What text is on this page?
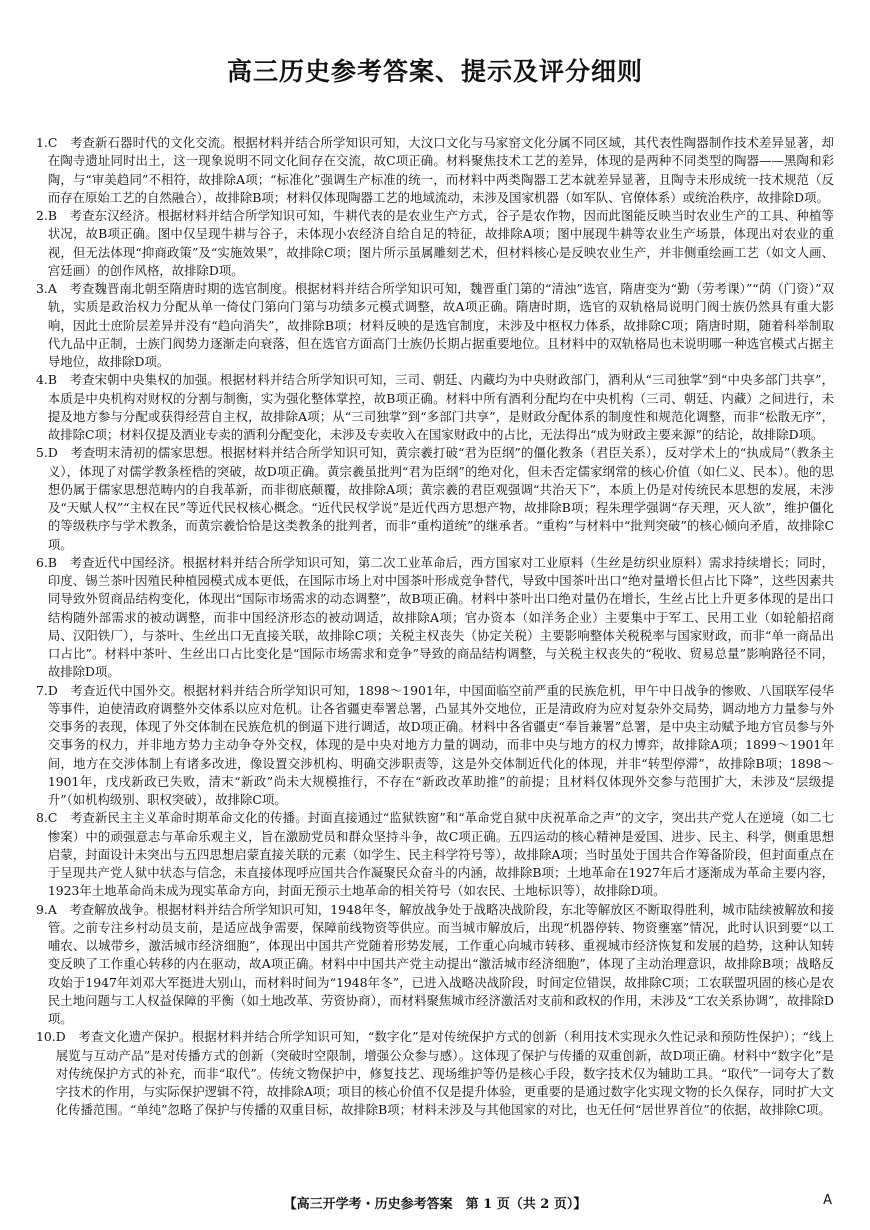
高三历史参考答案、提示及评分细则
1. C　考查新石器时代的文化交流。根据材料并结合所学知识可知，大汶口文化与马家窑文化分属不同区域，其代表性陶器制作技术差异显著，却在陶寺遗址同时出土，这一现象说明不同文化间存在交流，故C项正确。材料聚焦技术工艺的差异，体现的是两种不同类型的陶器——黑陶和彩陶，与“审美趋同”不相符，故排除A项；“标准化”强调生产标准的统一，而材料中两类陶器工艺本就差异显著，且陶寺未形成统一技术规范（反而存在原始工艺的自然融合），故排除B项；材料仅体现陶器工艺的地域流动，未涉及国家机器（如军队、官僚体系）或统治秩序，故排除D项。
2. B　考查东汉经济。根据材料并结合所学知识可知，牛耕代表的是农业生产方式，谷子是农作物，因而此图能反映当时农业生产的工具、种植等状况，故B项正确。图中仅呈现牛耕与谷子，未体现小农经济自给自足的特征，故排除A项；图中展现牛耕等农业生产场景，体现出对农业的重视，但无法体现“抑商政策”及“实施效果”，故排除C项；图片所示虽属雕刻艺术，但材料核心是反映农业生产，并非侧重绘画工艺（如文人画、宫廷画）的创作风格，故排除D项。
3. A　考查魏晋南北朝至隋唐时期的选官制度。根据材料并结合所学知识可知，魏晋重门第的“清浊”选官，隋唐变为“勤（劳考课）”“荫（门资）”双轨，实质是政治权力分配从单一倚仗门第向门第与功绩多元模式调整，故A项正确。隋唐时期，选官的双轨格局说明门阀士族仍然具有重大影响，因此士庶阶层差异并没有“趋向消失”，故排除B项；材料反映的是选官制度，未涉及中枢权力体系，故排除C项；隋唐时期，随着科举制取代九品中正制，士族门阀势力逐渐走向衰落，但在选官方面高门士族仍长期占据重要地位。且材料中的双轨格局也未说明哪一种选官模式占据主导地位，故排除D项。
4. B　考查宋朝中央集权的加强。根据材料并结合所学知识可知，三司、朝廷、内藏均为中央财政部门，酒利从“三司独掌”到“中央多部门共享”，本质是中央机构对财权的分割与制衡，实为强化整体掌控，故B项正确。材料中所有酒利分配均在中央机构（三司、朝廷、内藏）之间进行，未提及地方参与分配或获得经营自主权，故排除A项；从“三司独掌”到“多部门共享”，是财政分配体系的制度性和规范化调整，而非“松散无序”，故排除C项；材料仅提及酒业专卖的酒利分配变化，未涉及专卖收入在国家财政中的占比，无法得出“成为财政主要来源”的结论，故排除D项。
5. D　考查明末清初的儒家思想。根据材料并结合所学知识可知，黄宗羲打破“君为臣纲”的僵化教条（君臣关系），反对学术上的“执成局”（教条主义），体现了对儒学教条桎梏的突破，故D项正确。黄宗羲虽批判“君为臣纲”的绝对化，但未否定儒家纲常的核心价值（如仁义、民本）。他的思想仍属于儒家思想范畴内的自我革新，而非彻底颠覆，故排除A项；黄宗羲的君臣观强调“共治天下”，本质上仍是对传统民本思想的发展，未涉及“天赋人权”“主权在民”等近代民权核心概念。“近代民权学说”是近代西方思想产物，故排除B项；程朱理学强调“存天理，灭人欲”，维护僵化的等级秩序与学术教条，而黄宗羲恰恰是这类教条的批判者，而非“重构道统”的继承者。“重构”与材料中“批判突破”的核心倾向矛盾，故排除C项。
6. B　考查近代中国经济。根据材料并结合所学知识可知，第二次工业革命后，西方国家对工业原料（生丝是纺织业原料）需求持续增长；同时，印度、锡兰茶叶因殖民种植园模式成本更低，在国际市场上对中国茶叶形成竞争替代，导致中国茶叶出口“绝对量增长但占比下降”，这些因素共同导致外贸商品结构变化，体现出“国际市场需求的动态调整”，故B项正确。材料中茶叶出口绝对量仍在增长，生丝占比上升更多体现的是出口结构随外部需求的被动调整，而非中国经济形态的被动调适，故排除A项；官办资本（如洋务企业）主要集中于军工、民用工业（如轮船招商局、汉阳铁厂），与茶叶、生丝出口无直接关联，故排除C项；关税主权丧失（协定关税）主要影响整体关税税率与国家财政，而非“单一商品出口占比”。材料中茶叶、生丝出口占比变化是“国际市场需求和竞争”导致的商品结构调整，与关税主权丧失的“税收、贸易总量”影响路径不同，故排除D项。
7. D　考查近代中国外交。根据材料并结合所学知识可知，1898～1901年，中国面临空前严重的民族危机，甲午中日战争的惨败、八国联军侵华等事件，迫使清政府调整外交体系以应对危机。让各省疆吏奉署总署，凸显其外交地位，正是清政府为应对复杂外交局势，调动地方力量参与外交事务的表现，体现了外交体制在民族危机的倒逼下进行调适，故D项正确。材料中各省疆吏“奉旨兼署”总署，是中央主动赋予地方官员参与外交事务的权力，并非地方势力主动争夺外交权，体现的是中央对地方力量的调动，而非中央与地方的权力博弈，故排除A项；1899～1901年间，地方在交涉体制上有诸多改进，像设置交涉机构、明确交涉职责等，这是外交体制近代化的体现，并非“转型停滞”，故排除B项；1898～1901年，戊戌新政已失败，清末“新政”尚未大规模推行，不存在“新政改革助推”的前提；且材料仅体现外交参与范围扩大，未涉及“层级提升”（如机构级别、职权突破），故排除C项。
8. C　考查新民主主义革命时期革命文化的传播。封面直接通过“监狱铁窗”和“革命党自狱中庆祝革命之声”的文字，突出共产党人在逆境（如二七惨案）中的顽强意志与革命乐观主义，旨在激励党员和群众坚持斗争，故C项正确。五四运动的核心精神是爱国、进步、民主、科学，侧重思想启蒙，封面设计未突出与五四思想启蒙直接关联的元素（如学生、民主科学符号等），故排除A项；当时虽处于国共合作筹备阶段，但封面重点在于呈现共产党人狱中状态与信念，未直接体现呼应国共合作凝聚民众奋斗的内涵，故排除B项；土地革命在1927年后才逐渐成为革命主要内容，1923年土地革命尚未成为现实革命方向，封面无预示土地革命的相关符号（如农民、土地标识等），故排除D项。
9. A　考查解放战争。根据材料并结合所学知识可知，1948年冬，解放战争处于战略决战阶段，东北等解放区不断取得胜利，城市陆续被解放和接管。之前专注乡村动员支前，是适应战争需要，保障前线物资等供应。而当城市解放后，出现“机器停转、物资壅塞”情况，此时认识到要“以工哺农、以城带乡，激活城市经济细胞”，体现出中国共产党随着形势发展，工作重心向城市转移、重视城市经济恢复和发展的趋势，这种认知转变反映了工作重心转移的内在驱动，故A项正确。材料中中国共产党主动提出“激活城市经济细胞”，体现了主动治理意识，故排除B项；战略反攻始于1947年刘邓大军挺进大别山，而材料时间为“1948年冬”，已进入战略决战阶段，时间定位错误，故排除C项；工农联盟巩固的核心是农民土地问题与工人权益保障的平衡（如土地改革、劳资协商），而材料聚焦城市经济激活对支前和政权的作用，未涉及“工农关系协调”，故排除D项。
10. D　考查文化遗产保护。根据材料并结合所学知识可知，“数字化”是对传统保护方式的创新（利用技术实现永久性记录和预防性保护）；“线上展览与互动产品”是对传播方式的创新（突破时空限制，增强公众参与感）。这体现了保护与传播的双重创新，故D项正确。材料中“数字化”是对传统保护方式的补充，而非“取代”。传统文物保护中，修复技艺、现场维护等仍是核心手段，数字技术仅为辅助工具。“取代”一词夸大了数字技术的作用，与实际保护逻辑不符，故排除A项；项目的核心价值不仅是提升体验，更重要的是通过数字化实现文物的长久保存，同时扩大文化传播范围。“单纯”忽略了保护与传播的双重目标，故排除B项；材料未涉及与其他国家的对比，也无任何“居世界首位”的依据，故排除C项。
【高三开学考・历史参考答案　第 1 页（共 2 页）】	A
